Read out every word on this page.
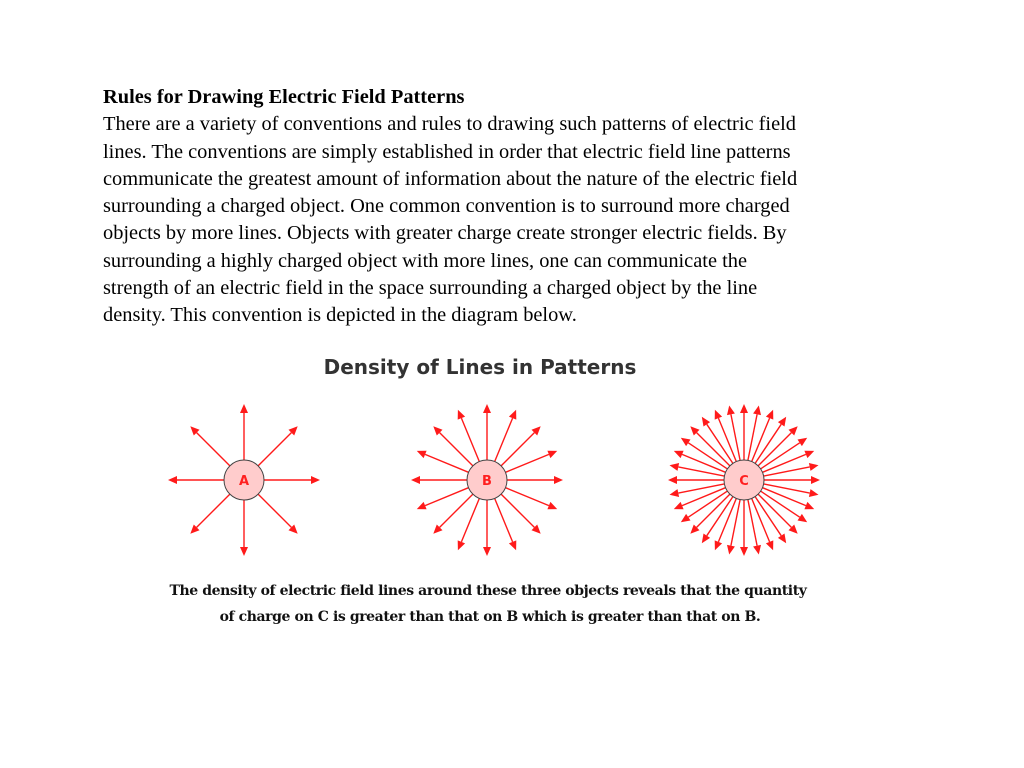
Rules for Drawing Electric Field Patterns
There are a variety of conventions and rules to drawing such patterns of electric field
lines. The conventions are simply established in order that electric field line patterns
communicate the greatest amount of information about the nature of the electric field
surrounding a charged object. One common convention is to surround more charged
objects by more lines. Objects with greater charge create stronger electric fields. By
surrounding a highly charged object with more lines, one can communicate the
strength of an electric field in the space surrounding a charged object by the line
density. This convention is depicted in the diagram below.
Density of Lines in Patterns
A	B	C
The density of electric field lines around these three objects reveals that the quantity
of charge on C is greater than that on B which is greater than that on B.
